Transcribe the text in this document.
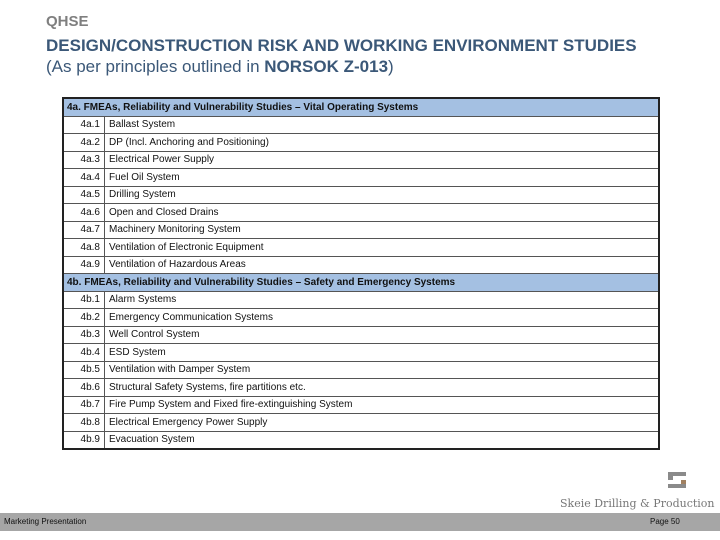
QHSE
DESIGN/CONSTRUCTION RISK AND WORKING ENVIRONMENT STUDIES
(As per principles outlined in NORSOK Z-013)
4a. FMEAs, Reliability and Vulnerability Studies – Vital Operating Systems	
4a.1	Ballast System
4a.2	DP (Incl. Anchoring and Positioning)
4a.3	Electrical Power Supply
4a.4	Fuel Oil System
4a.5	Drilling System
4a.6	Open and Closed Drains
4a.7	Machinery Monitoring System
4a.8	Ventilation of Electronic Equipment
4a.9	Ventilation of Hazardous Areas
4b. FMEAs, Reliability and Vulnerability Studies – Safety and Emergency Systems	
4b.1	Alarm Systems
4b.2	Emergency Communication Systems
4b.3	Well Control System
4b.4	ESD System
4b.5	Ventilation with Damper System
4b.6	Structural Safety Systems, fire partitions etc.
4b.7	Fire Pump System and Fixed fire-extinguishing System
4b.8	Electrical Emergency Power Supply
4b.9	Evacuation System
Skeie Drilling & Production
Marketing Presentation	Page 50
